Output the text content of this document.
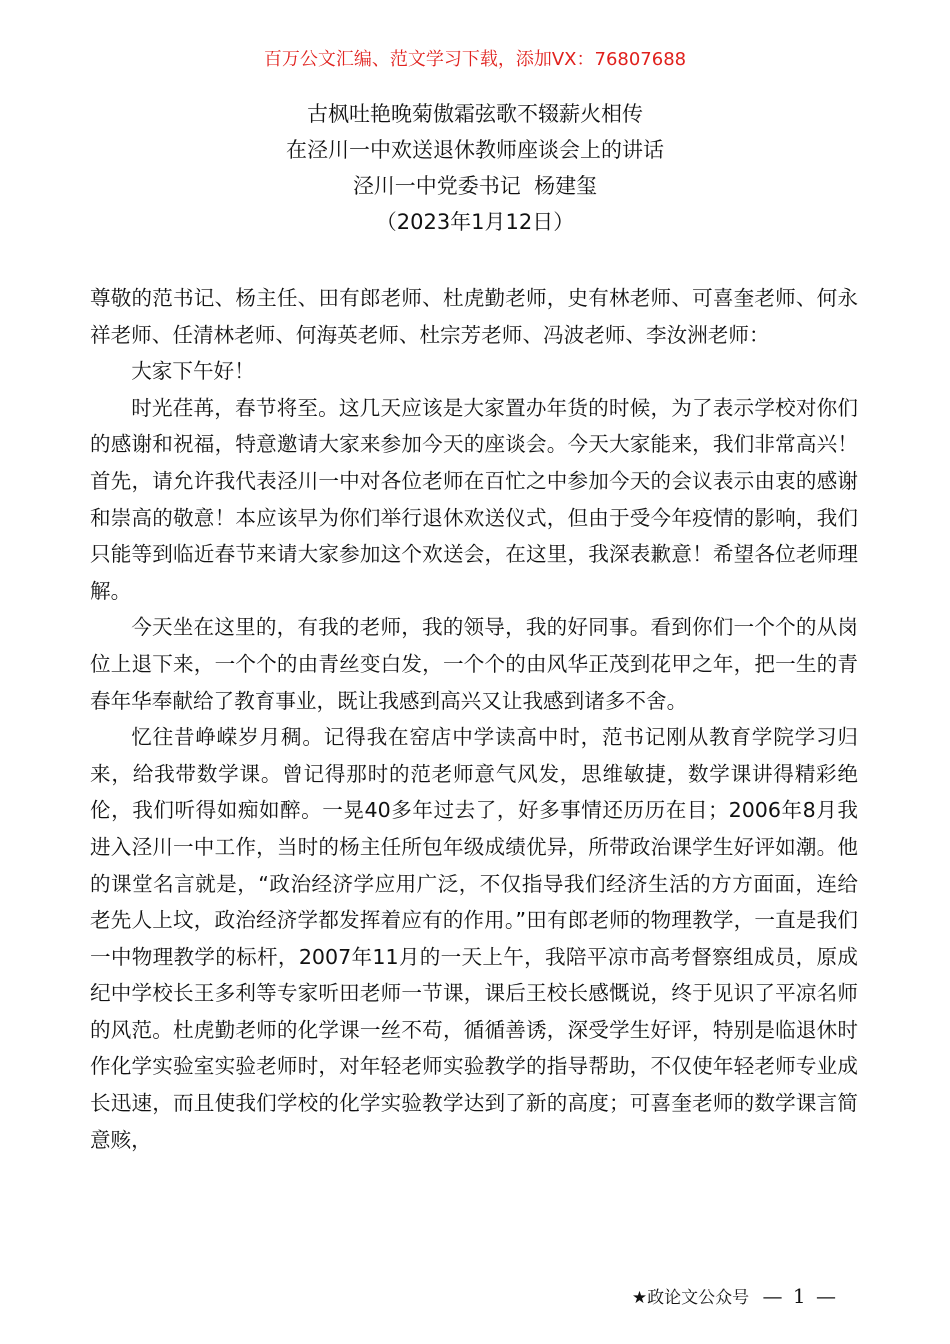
百万公文汇编、范文学习下载，添加VX：76807688
古枫吐艳晚菊傲霜弦歌不辍薪火相传
在泾川一中欢送退休教师座谈会上的讲话
泾川一中党委书记  杨建玺
（2023年1月12日）

尊敬的范书记、杨主任、田有郎老师、杜虎勤老师，史有林老师、可喜奎老师、何永祥老师、任清林老师、何海英老师、杜宗芳老师、冯波老师、李汝洲老师：

大家下午好！

时光荏苒，春节将至。这几天应该是大家置办年货的时候，为了表示学校对你们的感谢和祝福，特意邀请大家来参加今天的座谈会。今天大家能来，我们非常高兴！首先，请允许我代表泾川一中对各位老师在百忙之中参加今天的会议表示由衷的感谢和崇高的敬意！本应该早为你们举行退休欢送仪式，但由于受今年疫情的影响，我们只能等到临近春节来请大家参加这个欢送会，在这里，我深表歉意！希望各位老师理解。

今天坐在这里的，有我的老师，我的领导，我的好同事。看到你们一个个的从岗位上退下来，一个个的由青丝变白发，一个个的由风华正茂到花甲之年，把一生的青春年华奉献给了教育事业，既让我感到高兴又让我感到诸多不舍。

忆往昔峥嵘岁月稠。记得我在窑店中学读高中时，范书记刚从教育学院学习归来，给我带数学课。曾记得那时的范老师意气风发，思维敏捷，数学课讲得精彩绝伦，我们听得如痴如醉。一晃40多年过去了，好多事情还历历在目；2006年8月我进入泾川一中工作，当时的杨主任所包年级成绩优异，所带政治课学生好评如潮。他的课堂名言就是，“政治经济学应用广泛，不仅指导我们经济生活的方方面面，连给老先人上坟，政治经济学都发挥着应有的作用。”田有郎老师的物理教学，一直是我们一中物理教学的标杆，2007年11月的一天上午，我陪平凉市高考督察组成员，原成纪中学校长王多利等专家听田老师一节课，课后王校长感慨说，终于见识了平凉名师的风范。杜虎勤老师的化学课一丝不苟，循循善诱，深受学生好评，特别是临退休时作化学实验室实验老师时，对年轻老师实验教学的指导帮助，不仅使年轻老师专业成长迅速，而且使我们学校的化学实验教学达到了新的高度；可喜奎老师的数学课言简意赅，

★政论文公众号 — 1 —
